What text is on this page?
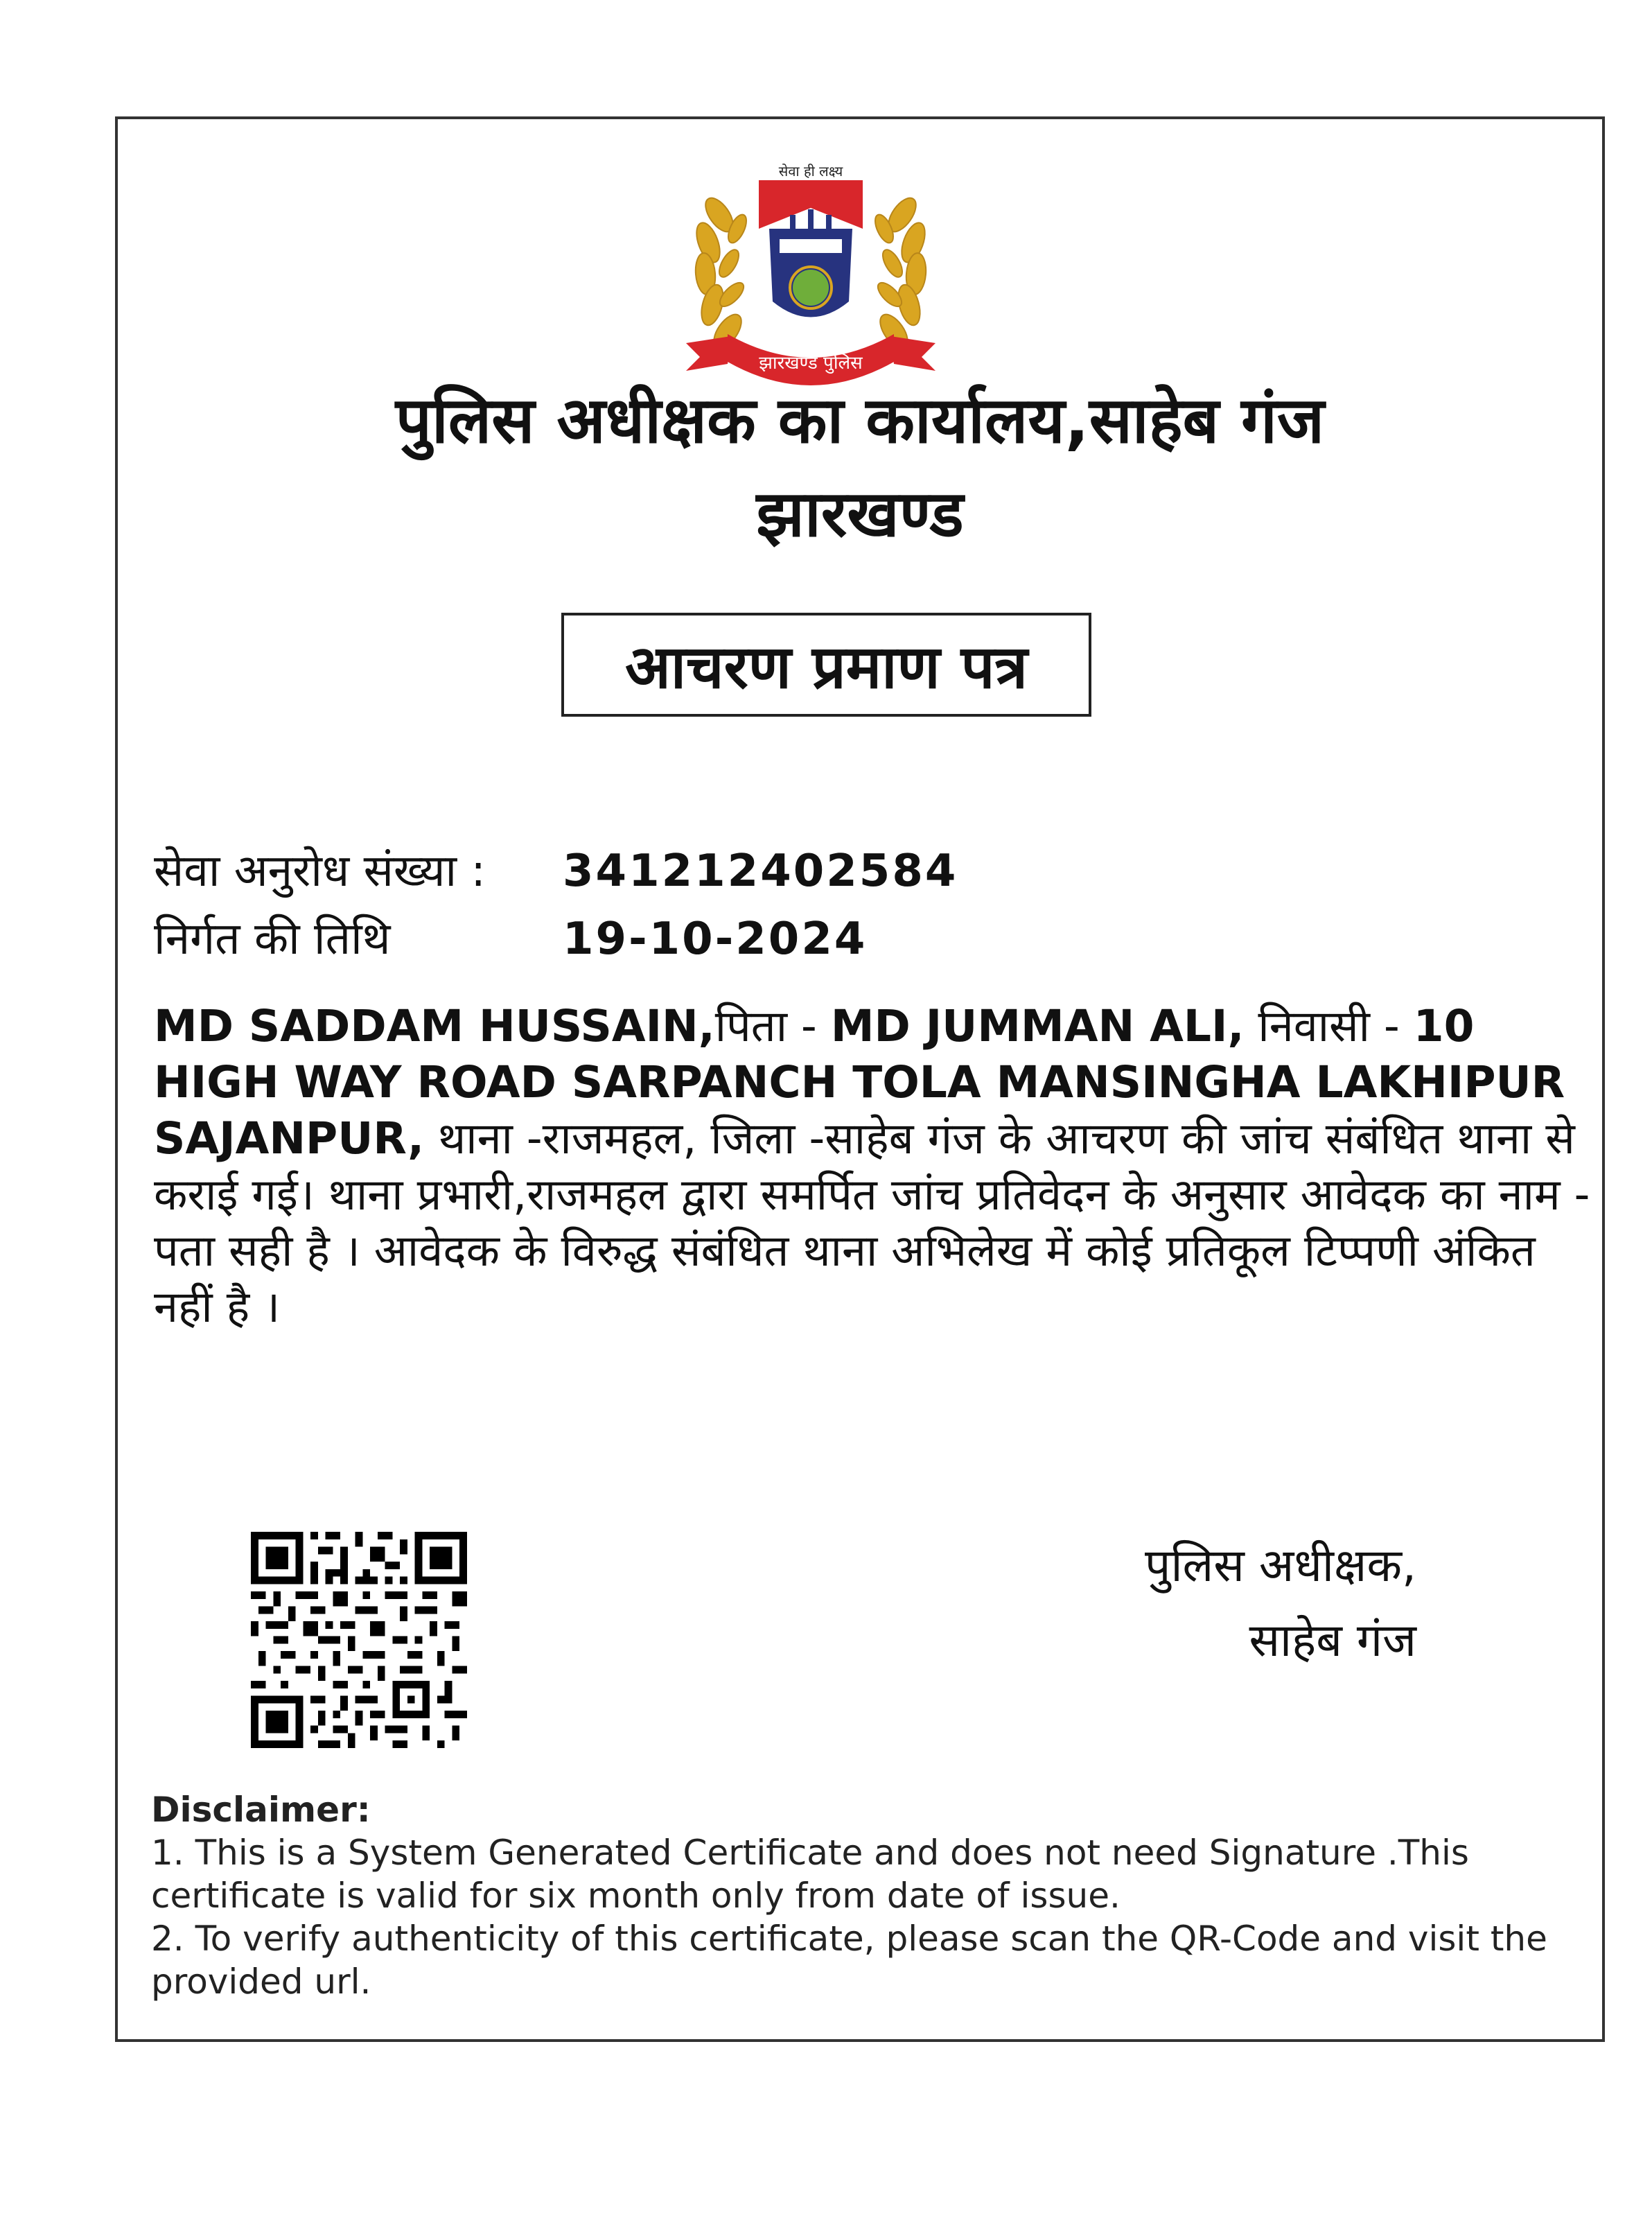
सेवा ही लक्ष्य
झारखण्ड पुलिस
पुलिस अधीक्षक का कार्यालय,साहेब गंज
झारखण्ड
आचरण प्रमाण पत्र
सेवा अनुरोध संख्या :	341212402584
निर्गत की तिथि	19-10-2024
MD SADDAM HUSSAIN,पिता - MD JUMMAN ALI, निवासी - 10 HIGH WAY ROAD SARPANCH TOLA MANSINGHA LAKHIPUR SAJANPUR, थाना -राजमहल, जिला -साहेब गंज के आचरण की जांच संबंधित थाना से कराई गई। थाना प्रभारी,राजमहल द्वारा समर्पित जांच प्रतिवेदन के अनुसार आवेदक का नाम - पता सही है । आवेदक के विरुद्ध संबंधित थाना अभिलेख में कोई प्रतिकूल टिप्पणी अंकित नहीं है ।
पुलिस अधीक्षक,
साहेब गंज
Disclaimer:
1. This is a System Generated Certificate and does not need Signature .This certificate is valid for six month only from date of issue.
2. To verify authenticity of this certificate, please scan the QR-Code and visit the provided url.
